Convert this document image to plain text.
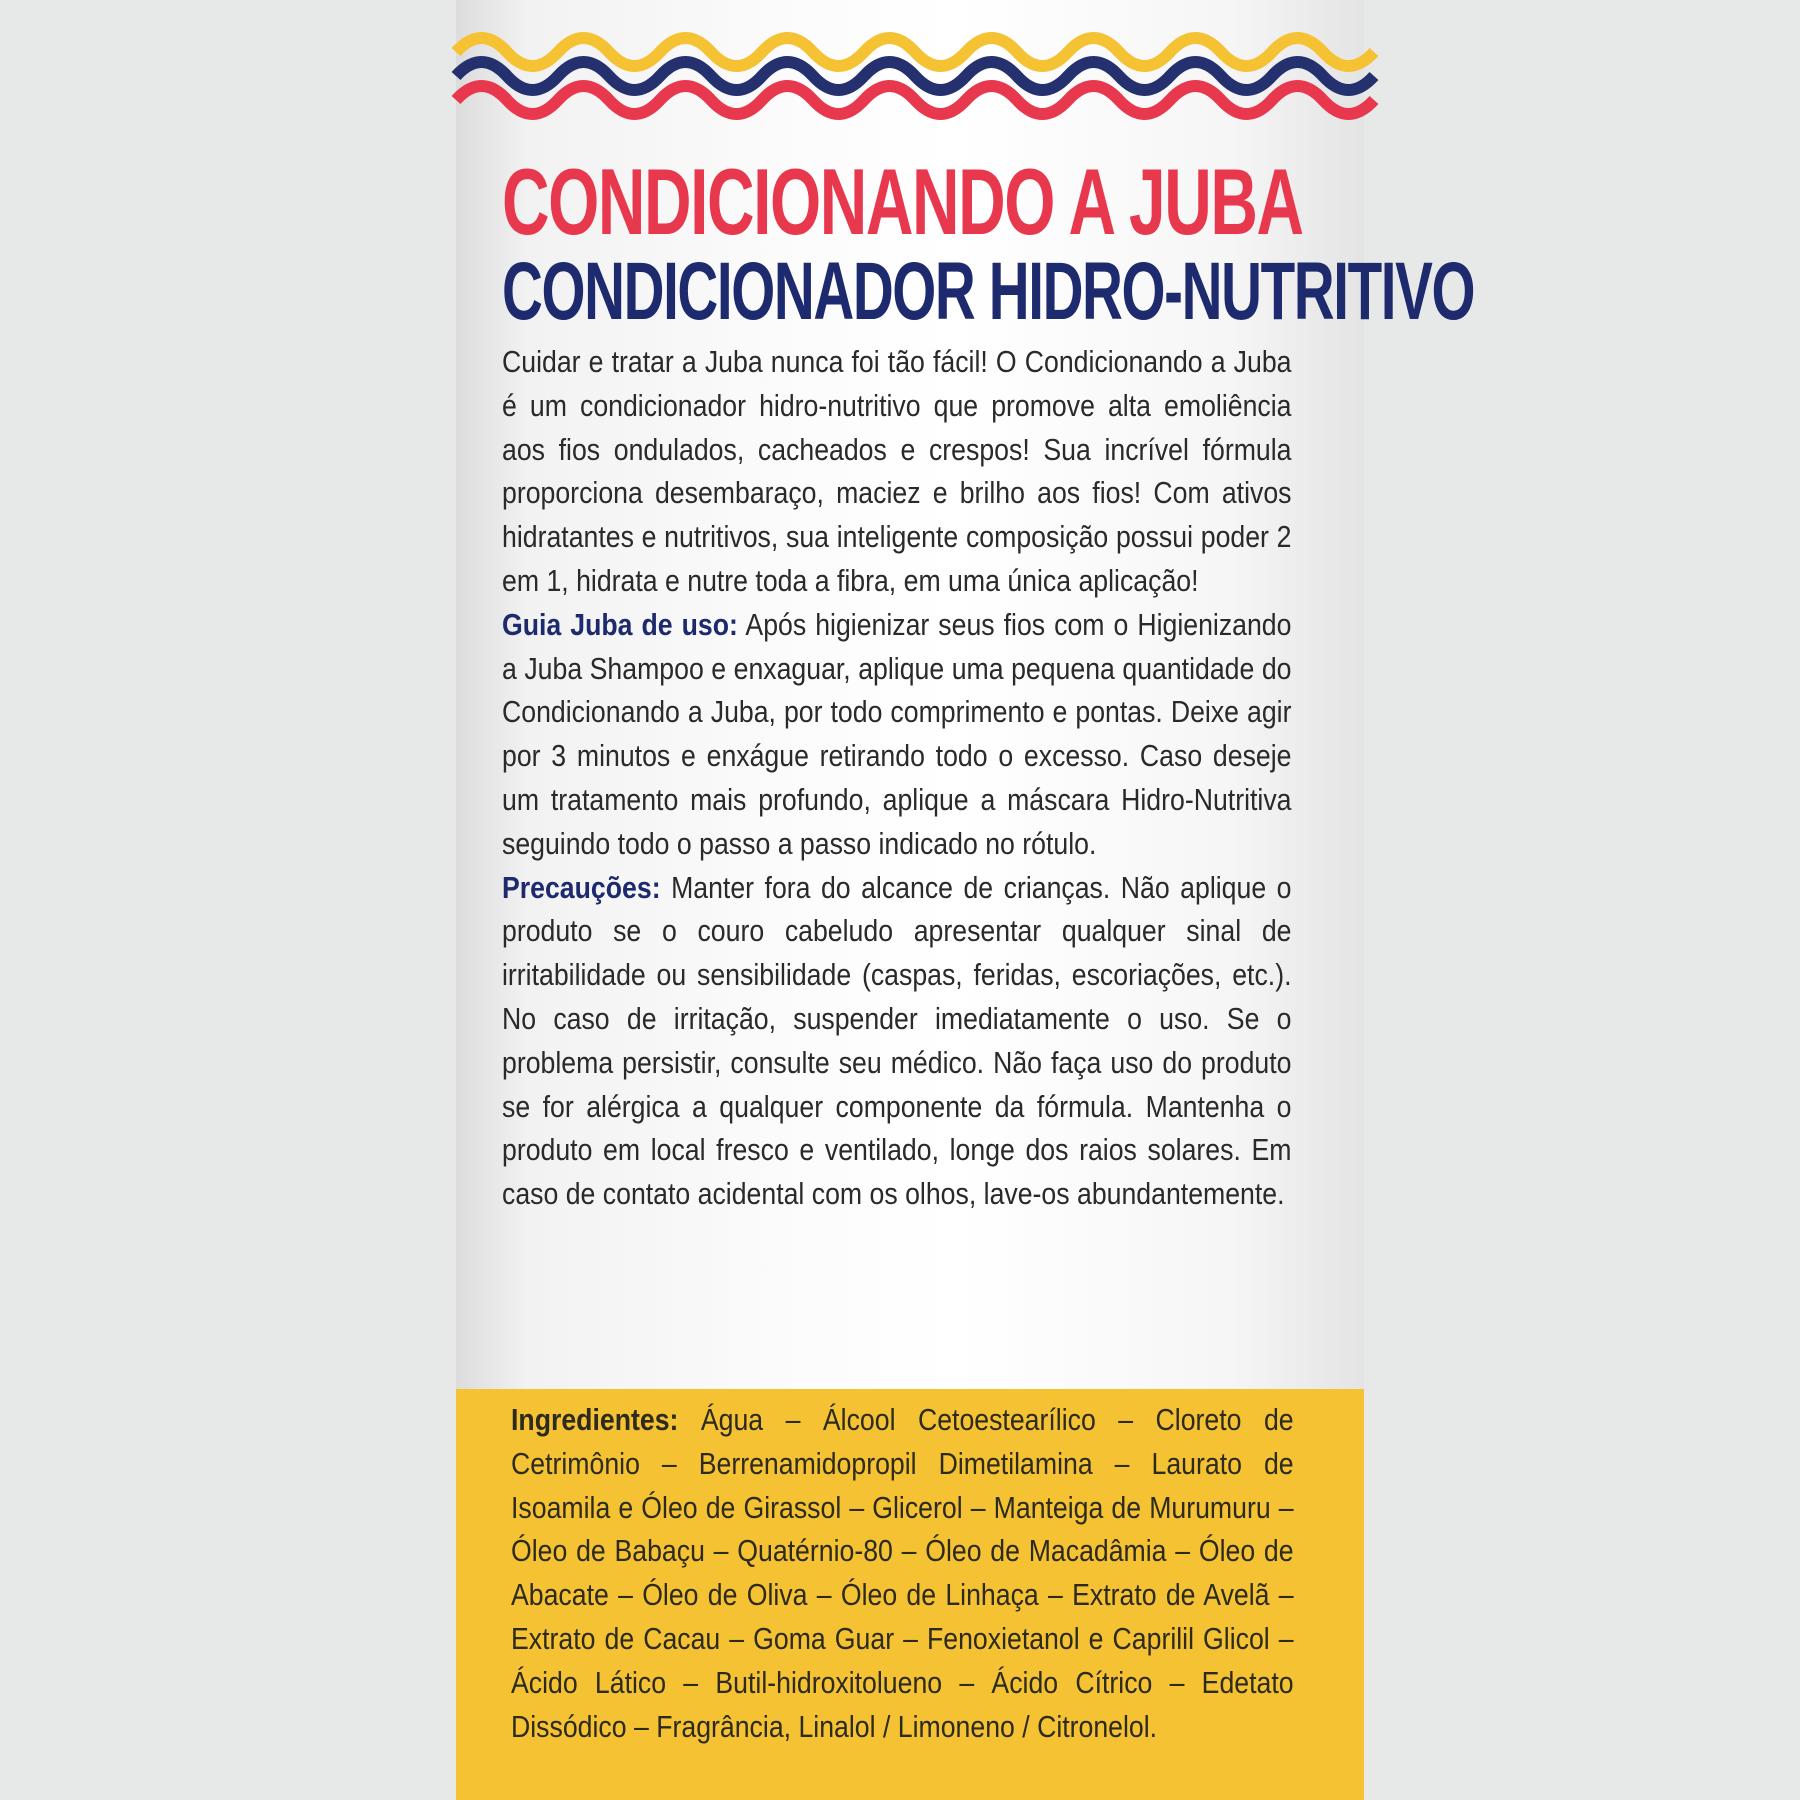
CONDICIONANDO A JUBA
CONDICIONADOR HIDRO-NUTRITIVO

Cuidar e tratar a Juba nunca foi tão fácil! O Condicionando a Juba é um condicionador hidro-nutritivo que promove alta emoliência aos fios ondulados, cacheados e crespos! Sua incrível fórmula proporciona desembaraço, maciez e brilho aos fios! Com ativos hidratantes e nutritivos, sua inteligente composição possui poder 2 em 1, hidrata e nutre toda a fibra, em uma única aplicação!

Guia Juba de uso: Após higienizar seus fios com o Higienizando a Juba Shampoo e enxaguar, aplique uma pequena quantidade do Condicionando a Juba, por todo comprimento e pontas. Deixe agir por 3 minutos e enxágue retirando todo o excesso. Caso deseje um tratamento mais profundo, aplique a máscara Hidro-Nutritiva seguindo todo o passo a passo indicado no rótulo.

Precauções: Manter fora do alcance de crianças. Não aplique o produto se o couro cabeludo apresentar qualquer sinal de irritabilidade ou sensibilidade (caspas, feridas, escoriações, etc.). No caso de irritação, suspender imediatamente o uso. Se o problema persistir, consulte seu médico. Não faça uso do produto se for alérgica a qualquer componente da fórmula. Mantenha o produto em local fresco e ventilado, longe dos raios solares. Em caso de contato acidental com os olhos, lave-os abundantemente.

Ingredientes: Água – Álcool Cetoestearílico – Cloreto de Cetrimônio – Berrenamidopropil Dimetilamina – Laurato de Isoamila e Óleo de Girassol – Glicerol – Manteiga de Murumuru – Óleo de Babaçu – Quatérnio-80 – Óleo de Macadâmia – Óleo de Abacate – Óleo de Oliva – Óleo de Linhaça – Extrato de Avelã – Extrato de Cacau – Goma Guar – Fenoxietanol e Caprilil Glicol – Ácido Lático – Butil-hidroxitolueno – Ácido Cítrico – Edetato Dissódico – Fragrância, Linalol / Limoneno / Citronelol.
